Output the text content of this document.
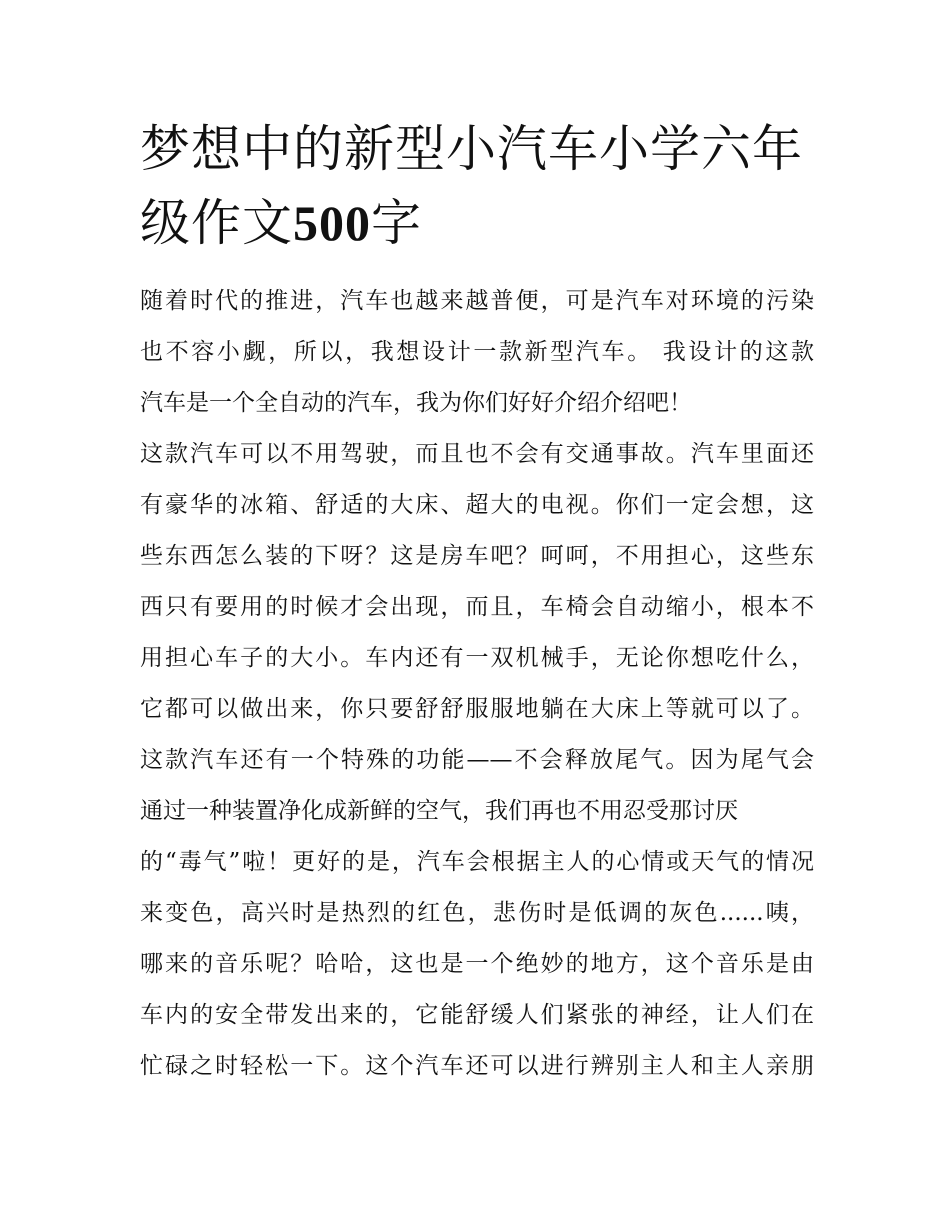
梦想中的新型小汽车小学六年级作文500字
随着时代的推进，汽车也越来越普便，可是汽车对环境的污染
也不容小觑，所以，我想设计一款新型汽车。 我设计的这款
汽车是一个全自动的汽车，我为你们好好介绍介绍吧！
这款汽车可以不用驾驶，而且也不会有交通事故。汽车里面还
有豪华的冰箱、舒适的大床、超大的电视。你们一定会想，这
些东西怎么装的下呀？这是房车吧？呵呵，不用担心，这些东
西只有要用的时候才会出现，而且，车椅会自动缩小，根本不
用担心车子的大小。车内还有一双机械手，无论你想吃什么，
它都可以做出来，你只要舒舒服服地躺在大床上等就可以了。
这款汽车还有一个特殊的功能——不会释放尾气。因为尾气会
通过一种装置净化成新鲜的空气，我们再也不用忍受那讨厌
的“毒气”啦！更好的是，汽车会根据主人的心情或天气的情况
来变色，高兴时是热烈的红色，悲伤时是低调的灰色......咦，
哪来的音乐呢？哈哈，这也是一个绝妙的地方，这个音乐是由
车内的安全带发出来的，它能舒缓人们紧张的神经，让人们在
忙碌之时轻松一下。这个汽车还可以进行辨别主人和主人亲朋
